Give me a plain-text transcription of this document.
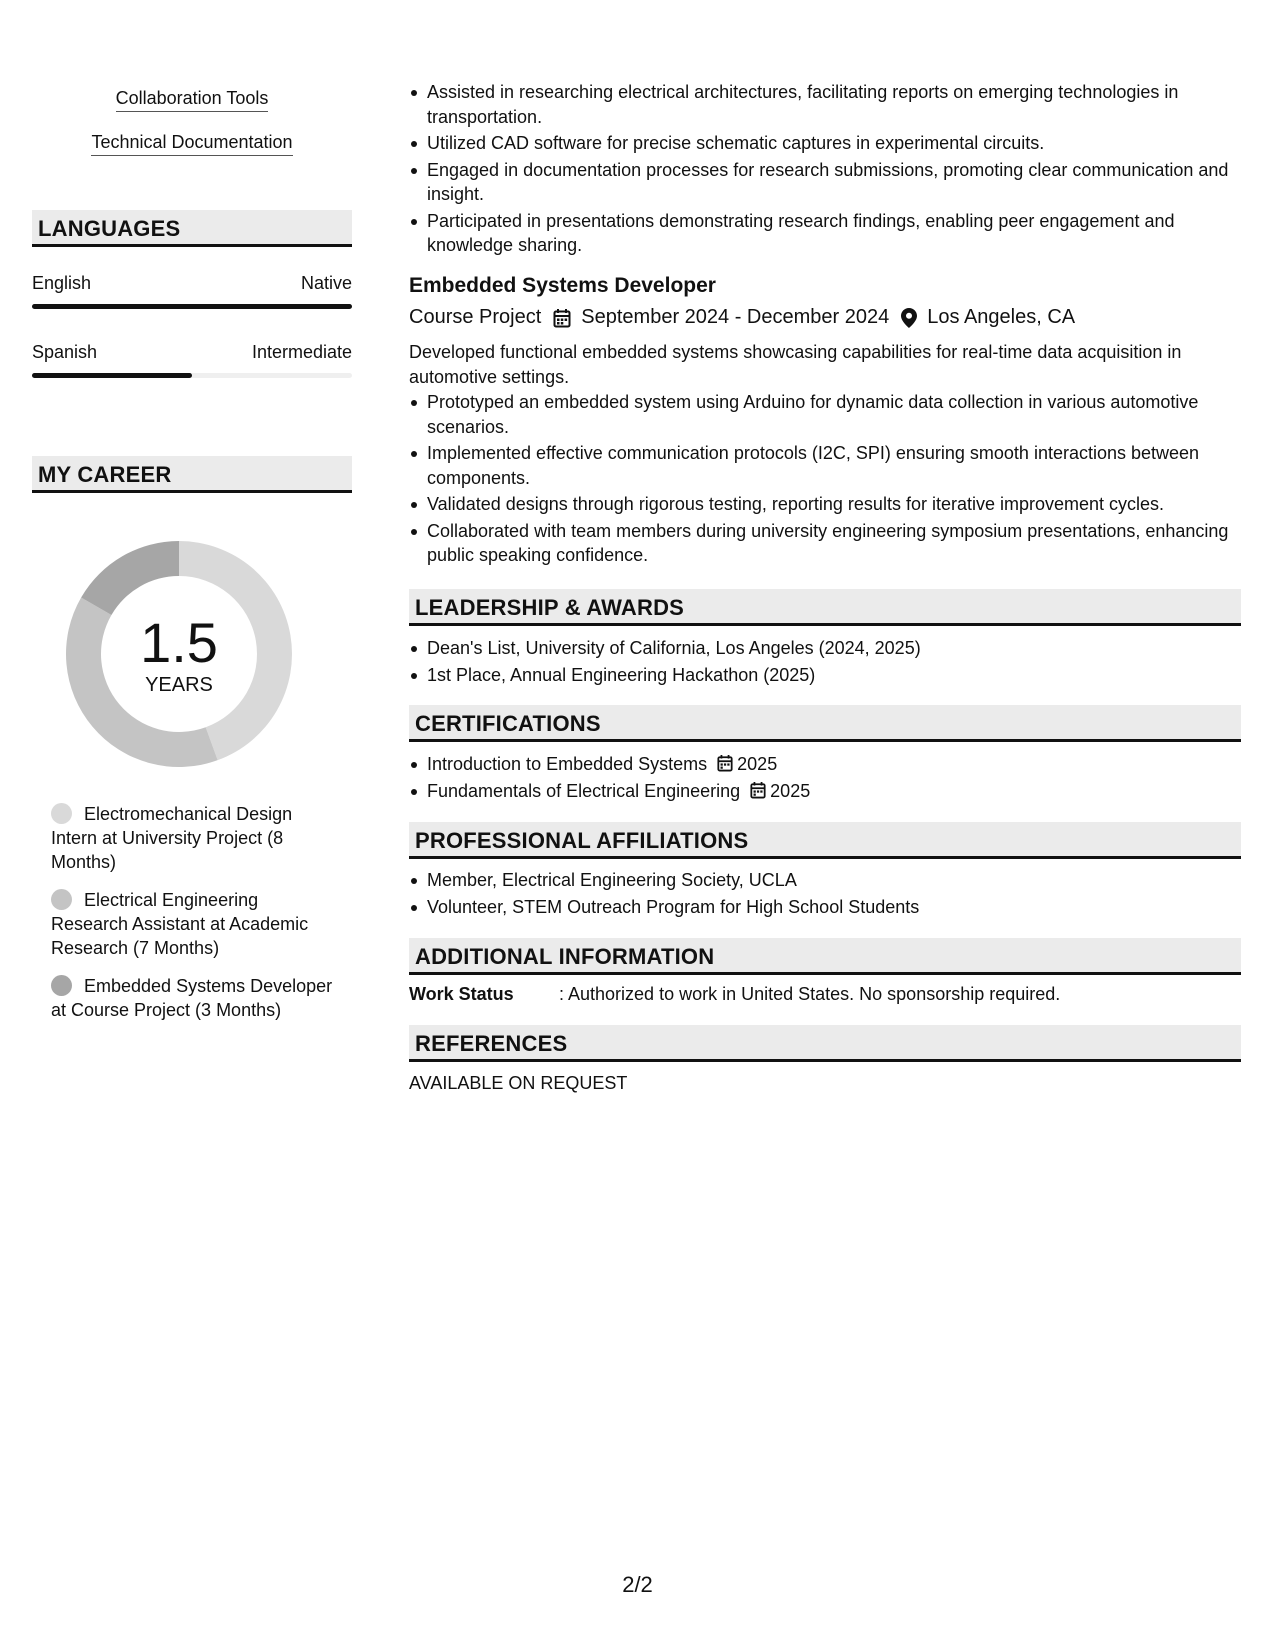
Collaboration Tools
Technical Documentation
LANGUAGES
English	Native
Spanish	Intermediate
MY CAREER
1.5
YEARS
Electromechanical Design Intern at University Project (8 Months)
Electrical Engineering Research Assistant at Academic Research (7 Months)
Embedded Systems Developer at Course Project (3 Months)
Assisted in researching electrical architectures, facilitating reports on emerging technologies in transportation.
Utilized CAD software for precise schematic captures in experimental circuits.
Engaged in documentation processes for research submissions, promoting clear communication and insight.
Participated in presentations demonstrating research findings, enabling peer engagement and knowledge sharing.
Embedded Systems Developer
Course Project September 2024 - December 2024 Los Angeles, CA
Developed functional embedded systems showcasing capabilities for real-time data acquisition in automotive settings.
Prototyped an embedded system using Arduino for dynamic data collection in various automotive scenarios.
Implemented effective communication protocols (I2C, SPI) ensuring smooth interactions between components.
Validated designs through rigorous testing, reporting results for iterative improvement cycles.
Collaborated with team members during university engineering symposium presentations, enhancing public speaking confidence.
LEADERSHIP & AWARDS
Dean's List, University of California, Los Angeles (2024, 2025)
1st Place, Annual Engineering Hackathon (2025)
CERTIFICATIONS
Introduction to Embedded Systems 2025
Fundamentals of Electrical Engineering 2025
PROFESSIONAL AFFILIATIONS
Member, Electrical Engineering Society, UCLA
Volunteer, STEM Outreach Program for High School Students
ADDITIONAL INFORMATION
Work Status	: Authorized to work in United States. No sponsorship required.
REFERENCES
AVAILABLE ON REQUEST
2/2
